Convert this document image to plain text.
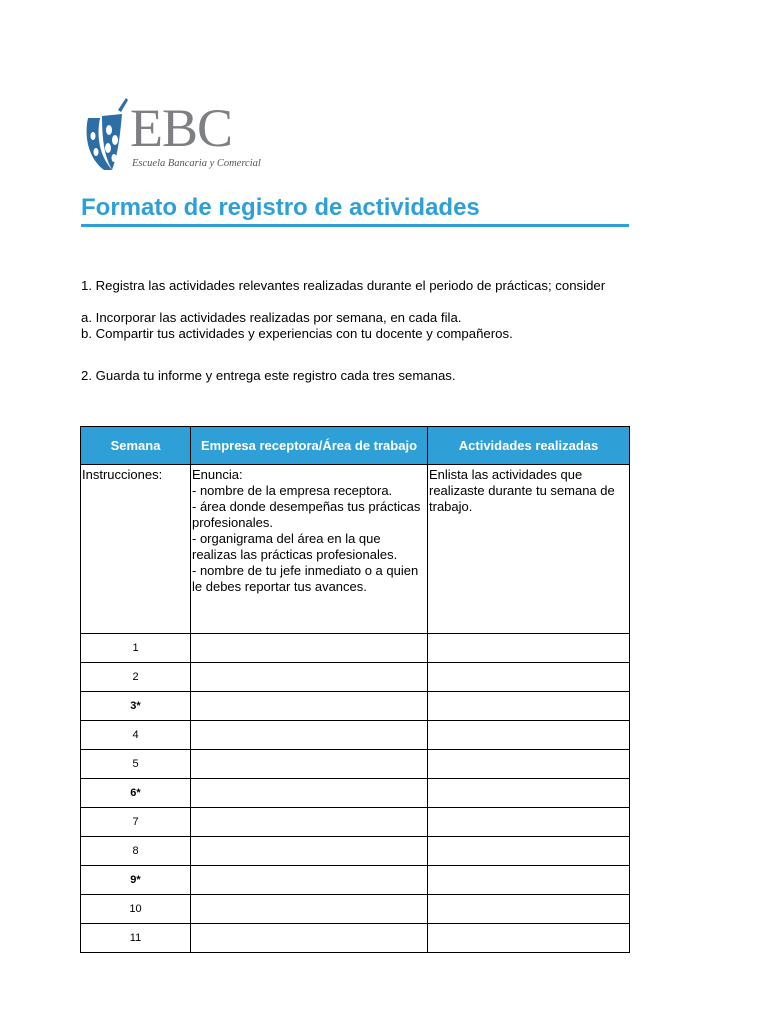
EBC
Escuela Bancaria y Comercial
Formato de registro de actividades
1. Registra las actividades relevantes realizadas durante el periodo de prácticas; consider
a. Incorporar las actividades realizadas por semana, en cada fila.
b. Compartir tus actividades y experiencias con tu docente y compañeros.
2. Guarda tu informe y entrega este registro cada tres semanas.
Semana	Empresa receptora/Área de trabajo	Actividades realizadas

Instrucciones:	Enuncia:
- nombre de la empresa receptora.
- área donde desempeñas tus prácticas profesionales.
- organigrama del área en la que realizas las prácticas profesionales.
- nombre de tu jefe inmediato o a quien le debes reportar tus avances.	Enlista las actividades que realizaste durante tu semana de trabajo.

1		
2		
3*		
4		
5		
6*		
7		
8		
9*		
10		
11		
